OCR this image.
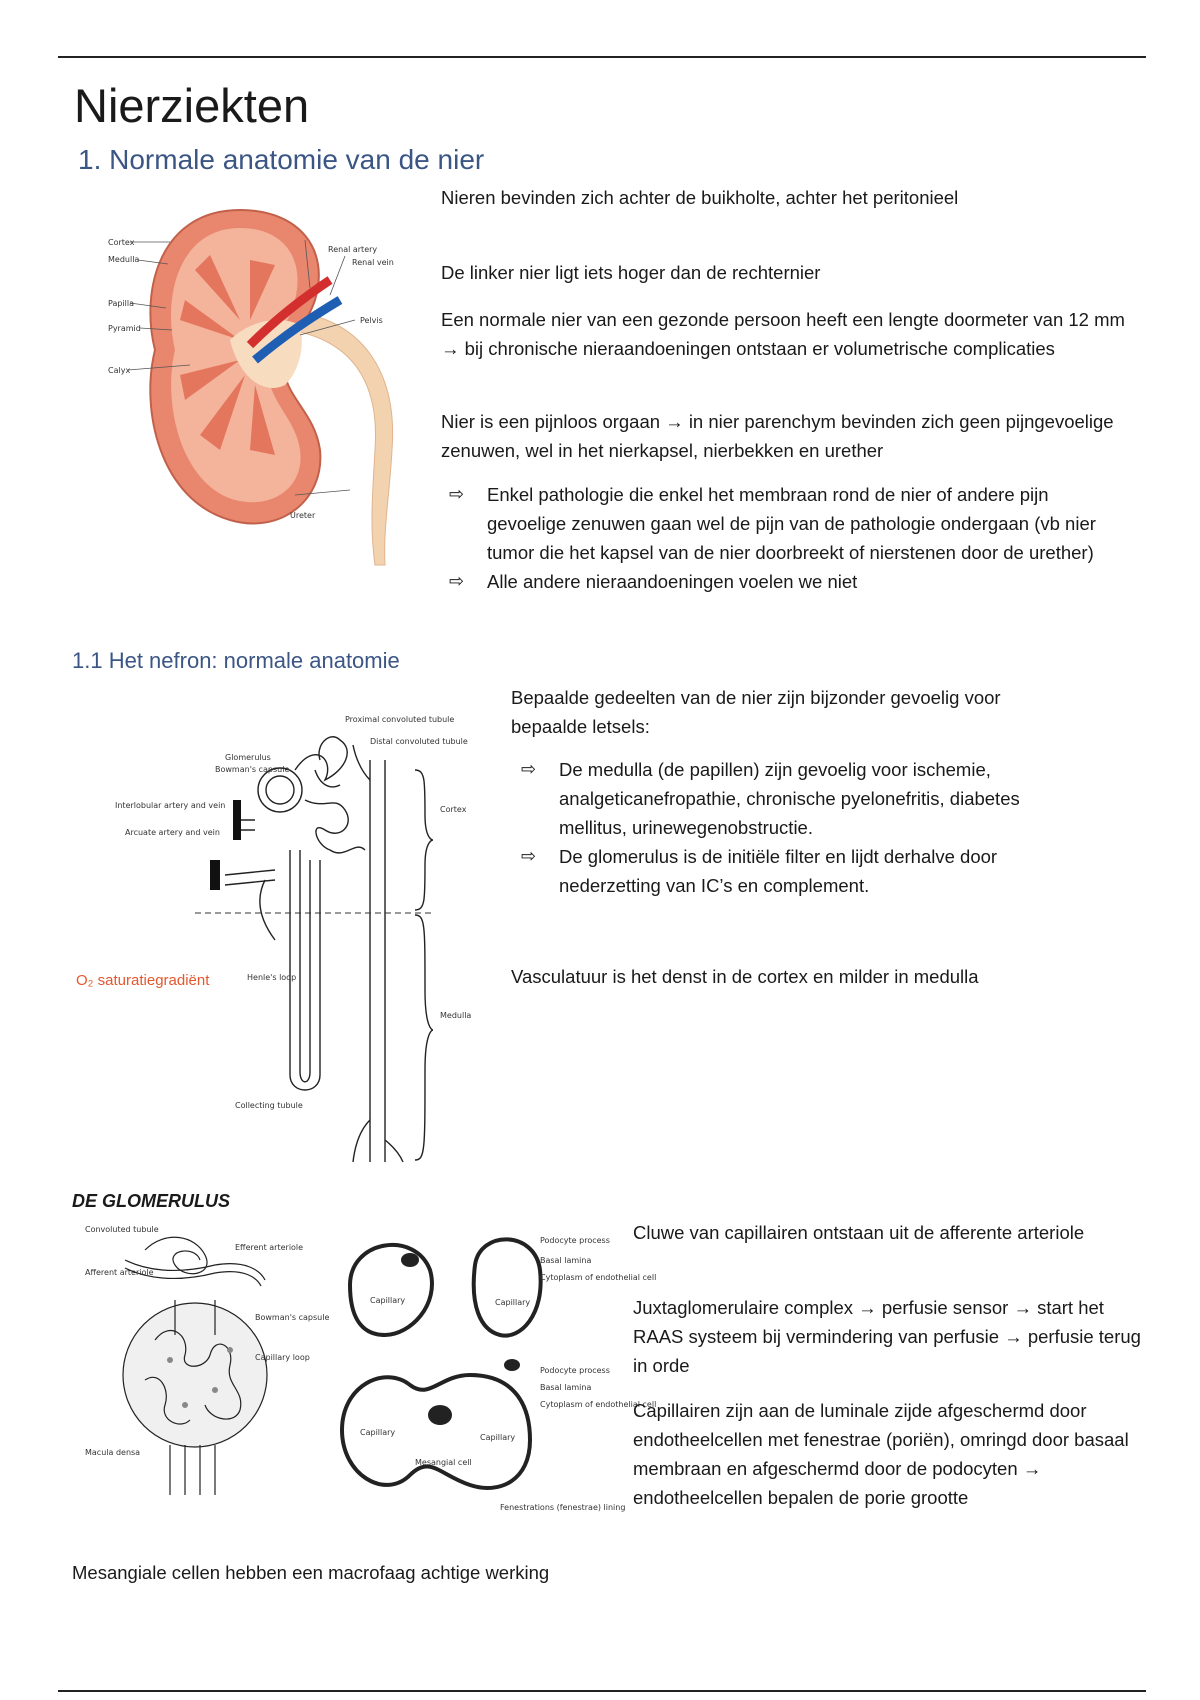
Nierziekten
1. Normale anatomie van de nier
Cortex
Medulla
Papilla
Pyramid
Calyx
Renal artery
Renal vein
Pelvis
Ureter

Nieren bevinden zich achter de buikholte, achter het peritonieel

De linker nier ligt iets hoger dan de rechternier

Een normale nier van een gezonde persoon heeft een lengte doormeter van 12 mm → bij chronische nieraandoeningen ontstaan er volumetrische complicaties

Nier is een pijnloos orgaan → in nier parenchym bevinden zich geen pijngevoelige zenuwen, wel in het nierkapsel, nierbekken en urether

⇨ Enkel pathologie die enkel het membraan rond de nier of andere pijn gevoelige zenuwen gaan wel de pijn van de pathologie ondergaan (vb nier tumor die het kapsel van de nier doorbreekt of nierstenen door de urether)
⇨ Alle andere nieraandoeningen voelen we niet
1.1 Het nefron: normale anatomie
Proximal convoluted tubule
Glomerulus
Bowman's capsule
Distal convoluted tubule
Interlobular artery and vein
Arcuate artery and vein
Cortex
Henle's loop
Medulla
Collecting tubule
O₂ saturatiegradiënt

Bepaalde gedeelten van de nier zijn bijzonder gevoelig voor bepaalde letsels:

⇨ De medulla (de papillen) zijn gevoelig voor ischemie, analgeticanefropathie, chronische pyelonefritis, diabetes mellitus, urinewegenobstructie.
⇨ De glomerulus is de initiële filter en lijdt derhalve door nederzetting van IC’s en complement.

Vasculatuur is het denst in de cortex en milder in medulla

DE GLOMERULUS
Convoluted tubule
Afferent arteriole
Efferent arteriole
Bowman's capsule
Capillary loop
Macula densa
Podocyte process
Basal lamina
Cytoplasm of endothelial cell
Capillary	Capillary
Podocyte process
Basal lamina
Cytoplasm of endothelial cell
Capillary
Capillary
Mesangial cell
Fenestrations (fenestrae) lining

Cluwe van capillairen ontstaan uit de afferente arteriole

Juxtaglomerulaire complex → perfusie sensor → start het RAAS systeem bij vermindering van perfusie → perfusie terug in orde

Capillairen zijn aan de luminale zijde afgeschermd door endotheelcellen met fenestrae (poriën), omringd door basaal membraan en afgeschermd door de podocyten → endotheelcellen bepalen de porie grootte

Mesangiale cellen hebben een macrofaag achtige werking
